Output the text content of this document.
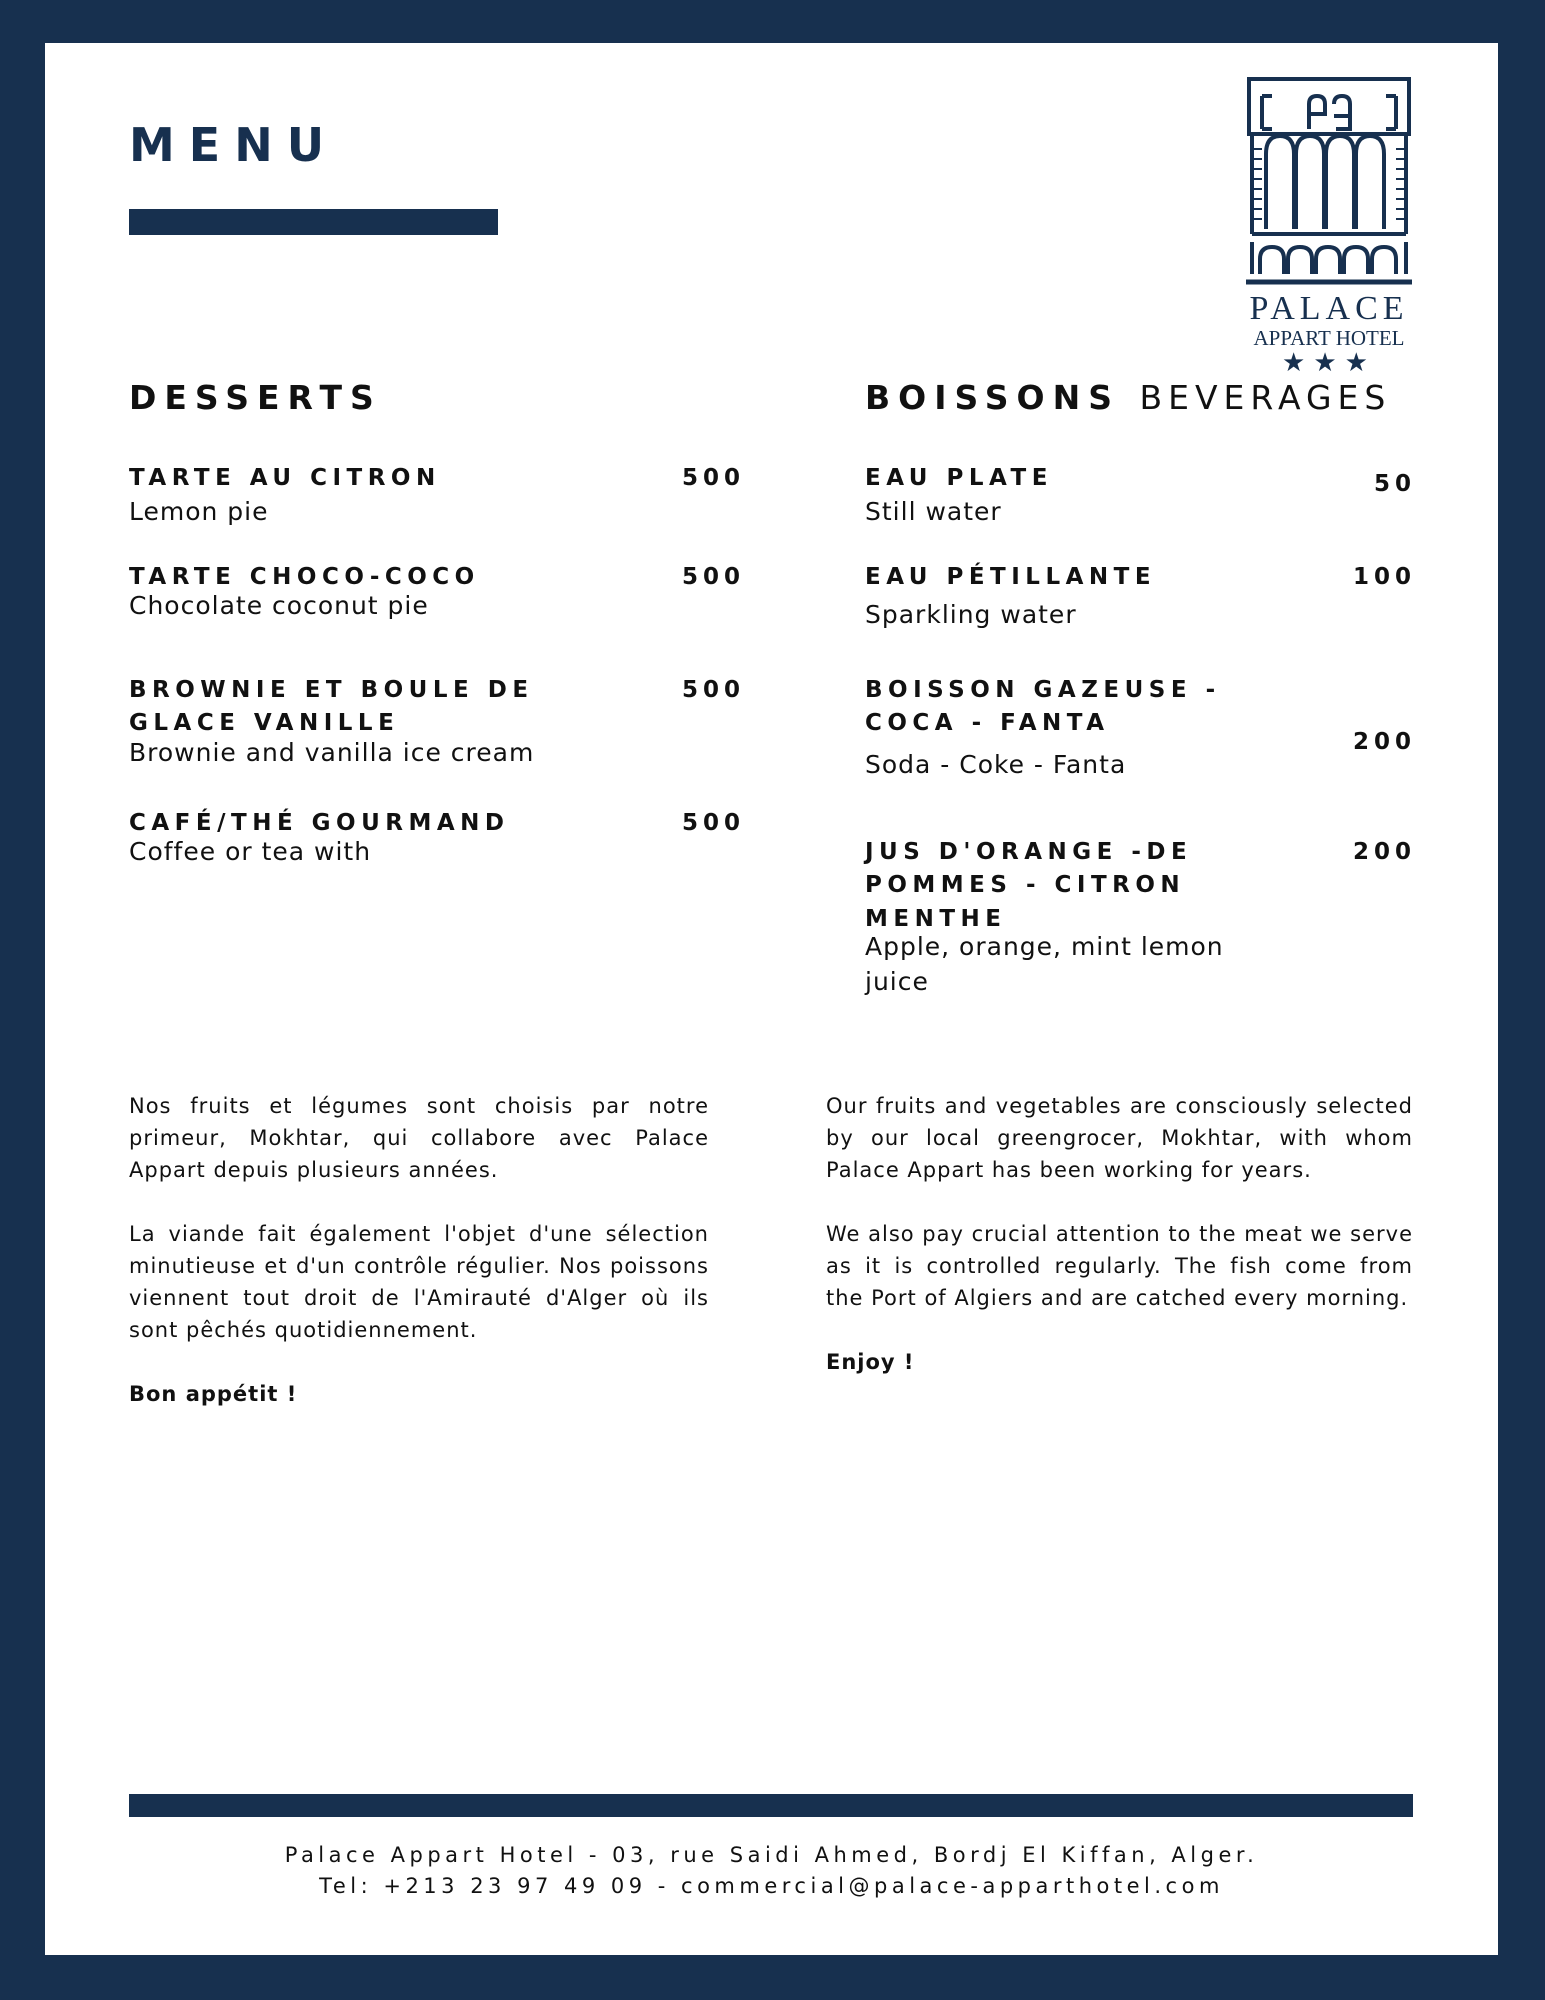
MENU
PALACE
APPART HOTEL
★★★
DESSERTS
TARTE AU CITRON	500
Lemon pie
TARTE CHOCO-COCO	500
Chocolate coconut pie
BROWNIE ET BOULE DE
GLACE VANILLE
500
Brownie and vanilla ice cream
CAFÉ/THÉ GOURMAND	500
Coffee or tea with
BOISSONS BEVERAGES
EAU PLATE	50
Still water
EAU PÉTILLANTE	100
Sparkling water
BOISSON GAZEUSE -
COCA - FANTA
200
Soda - Coke - Fanta
JUS D'ORANGE -DE
POMMES - CITRON
MENTHE
200
Apple, orange, mint lemon
juice

Nos fruits et légumes sont choisis par notre primeur, Mokhtar, qui collabore avec Palace Appart depuis plusieurs années.

La viande fait également l'objet d'une sélection minutieuse et d'un contrôle régulier. Nos poissons viennent tout droit de l'Amirauté d'Alger où ils sont pêchés quotidiennement.

Bon appétit !

Our fruits and vegetables are consciously selected by our local greengrocer, Mokhtar, with whom Palace Appart has been working for years.

We also pay crucial attention to the meat we serve as it is controlled regularly. The fish come from the Port of Algiers and are catched every morning.

Enjoy !

Palace Appart Hotel - 03, rue Saidi Ahmed, Bordj El Kiffan, Alger.
Tel: +213 23 97 49 09 - commercial@palace-apparthotel.com
